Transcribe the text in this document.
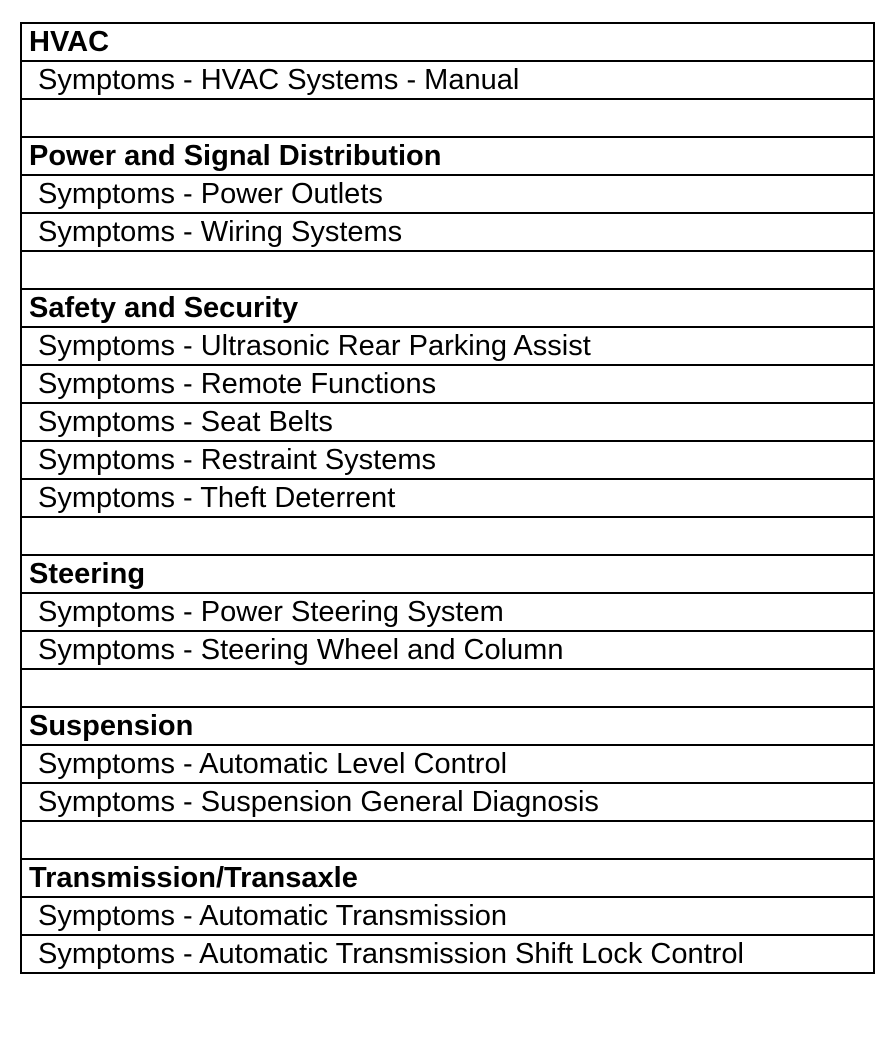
HVAC
Symptoms - HVAC Systems - Manual

Power and Signal Distribution
Symptoms - Power Outlets
Symptoms - Wiring Systems

Safety and Security
Symptoms - Ultrasonic Rear Parking Assist
Symptoms - Remote Functions
Symptoms - Seat Belts
Symptoms - Restraint Systems
Symptoms - Theft Deterrent

Steering
Symptoms - Power Steering System
Symptoms - Steering Wheel and Column

Suspension
Symptoms - Automatic Level Control
Symptoms - Suspension General Diagnosis

Transmission/Transaxle
Symptoms - Automatic Transmission
Symptoms - Automatic Transmission Shift Lock Control
